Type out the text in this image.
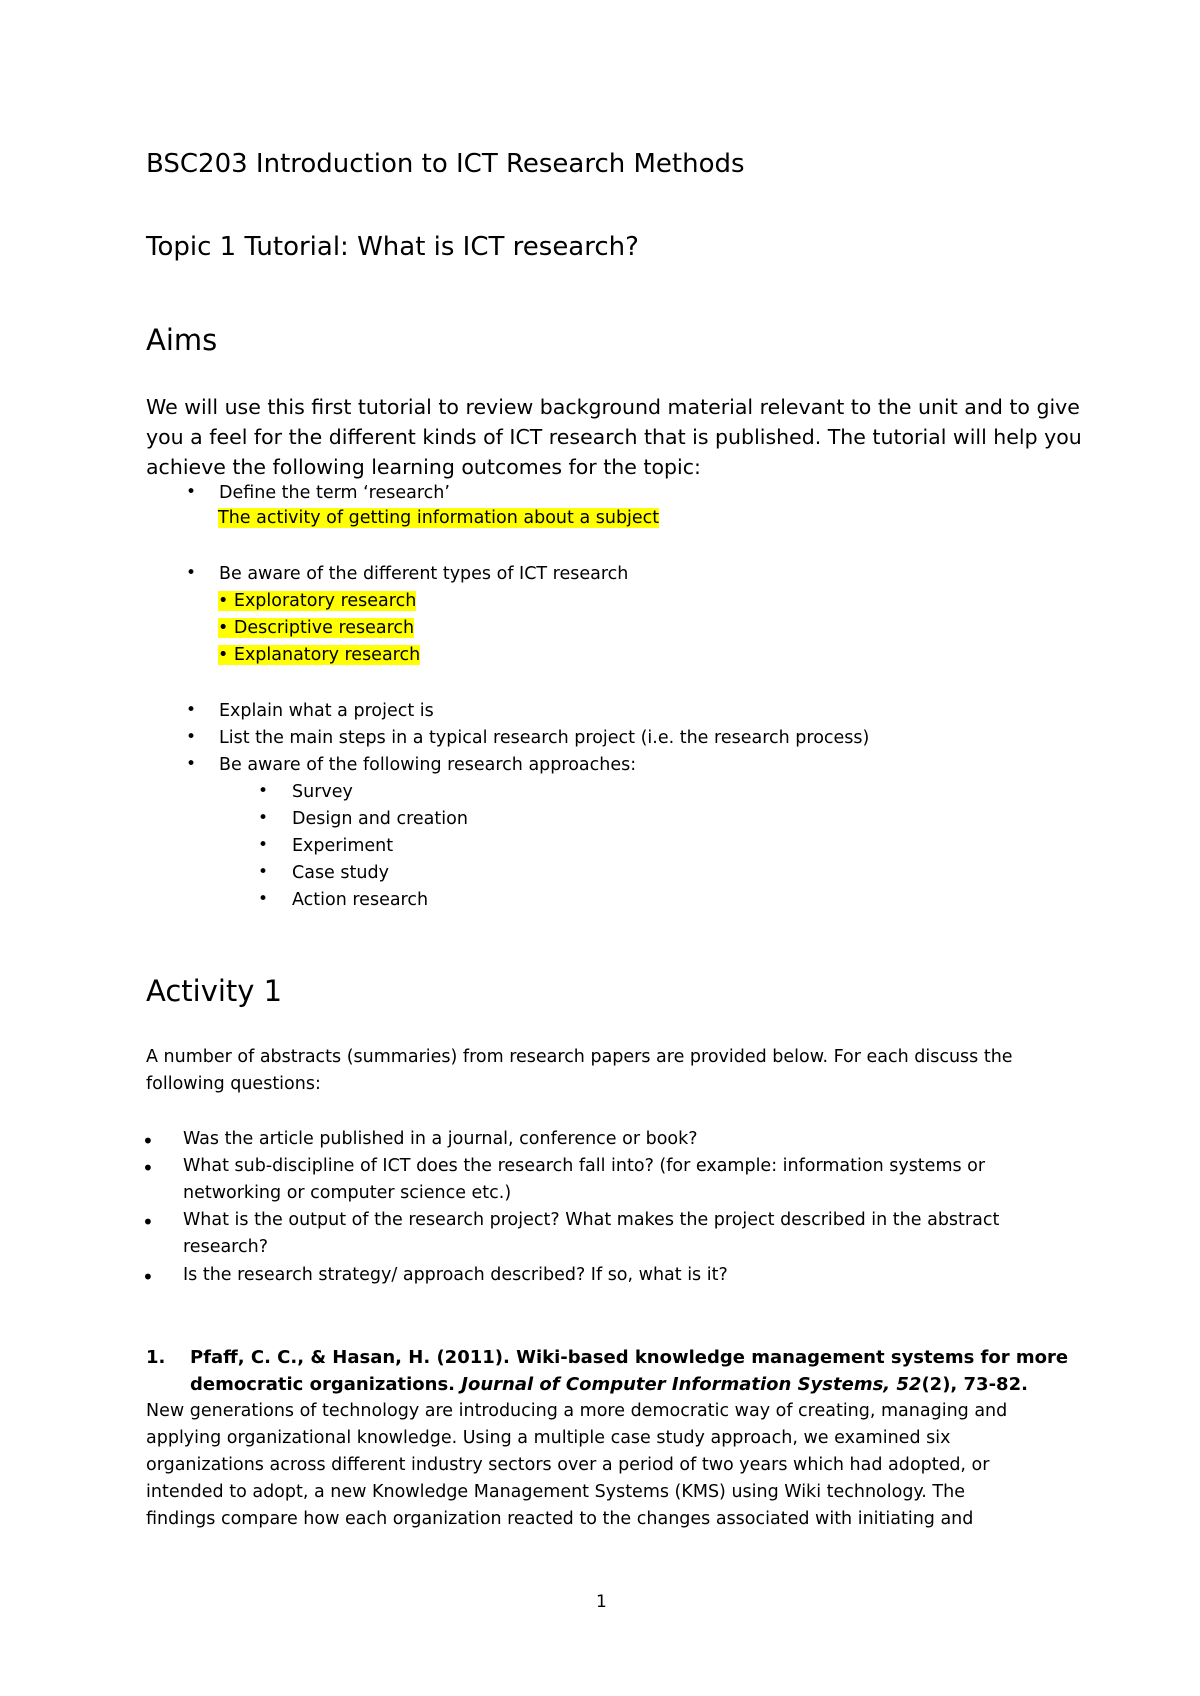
BSC203 Introduction to ICT Research Methods
Topic 1 Tutorial: What is ICT research?
Aims
We will use this first tutorial to review background material relevant to the unit and to give
you a feel for the different kinds of ICT research that is published. The tutorial will help you
achieve the following learning outcomes for the topic:
• Define the term ‘research’
The activity of getting information about a subject
• Be aware of the different types of ICT research
• Exploratory research
• Descriptive research
• Explanatory research
• Explain what a project is
• List the main steps in a typical research project (i.e. the research process)
• Be aware of the following research approaches:
• Survey
• Design and creation
• Experiment
• Case study
• Action research
Activity 1
A number of abstracts (summaries) from research papers are provided below. For each discuss the
following questions:
• Was the article published in a journal, conference or book?
• What sub-discipline of ICT does the research fall into? (for example: information systems or
networking or computer science etc.)
• What is the output of the research project? What makes the project described in the abstract
research?
• Is the research strategy/ approach described? If so, what is it?
1. Pfaff, C. C., & Hasan, H. (2011). Wiki-based knowledge management systems for more
democratic organizations. Journal of Computer Information Systems, 52(2), 73-82.
New generations of technology are introducing a more democratic way of creating, managing and
applying organizational knowledge. Using a multiple case study approach, we examined six
organizations across different industry sectors over a period of two years which had adopted, or
intended to adopt, a new Knowledge Management Systems (KMS) using Wiki technology. The
findings compare how each organization reacted to the changes associated with initiating and
1
